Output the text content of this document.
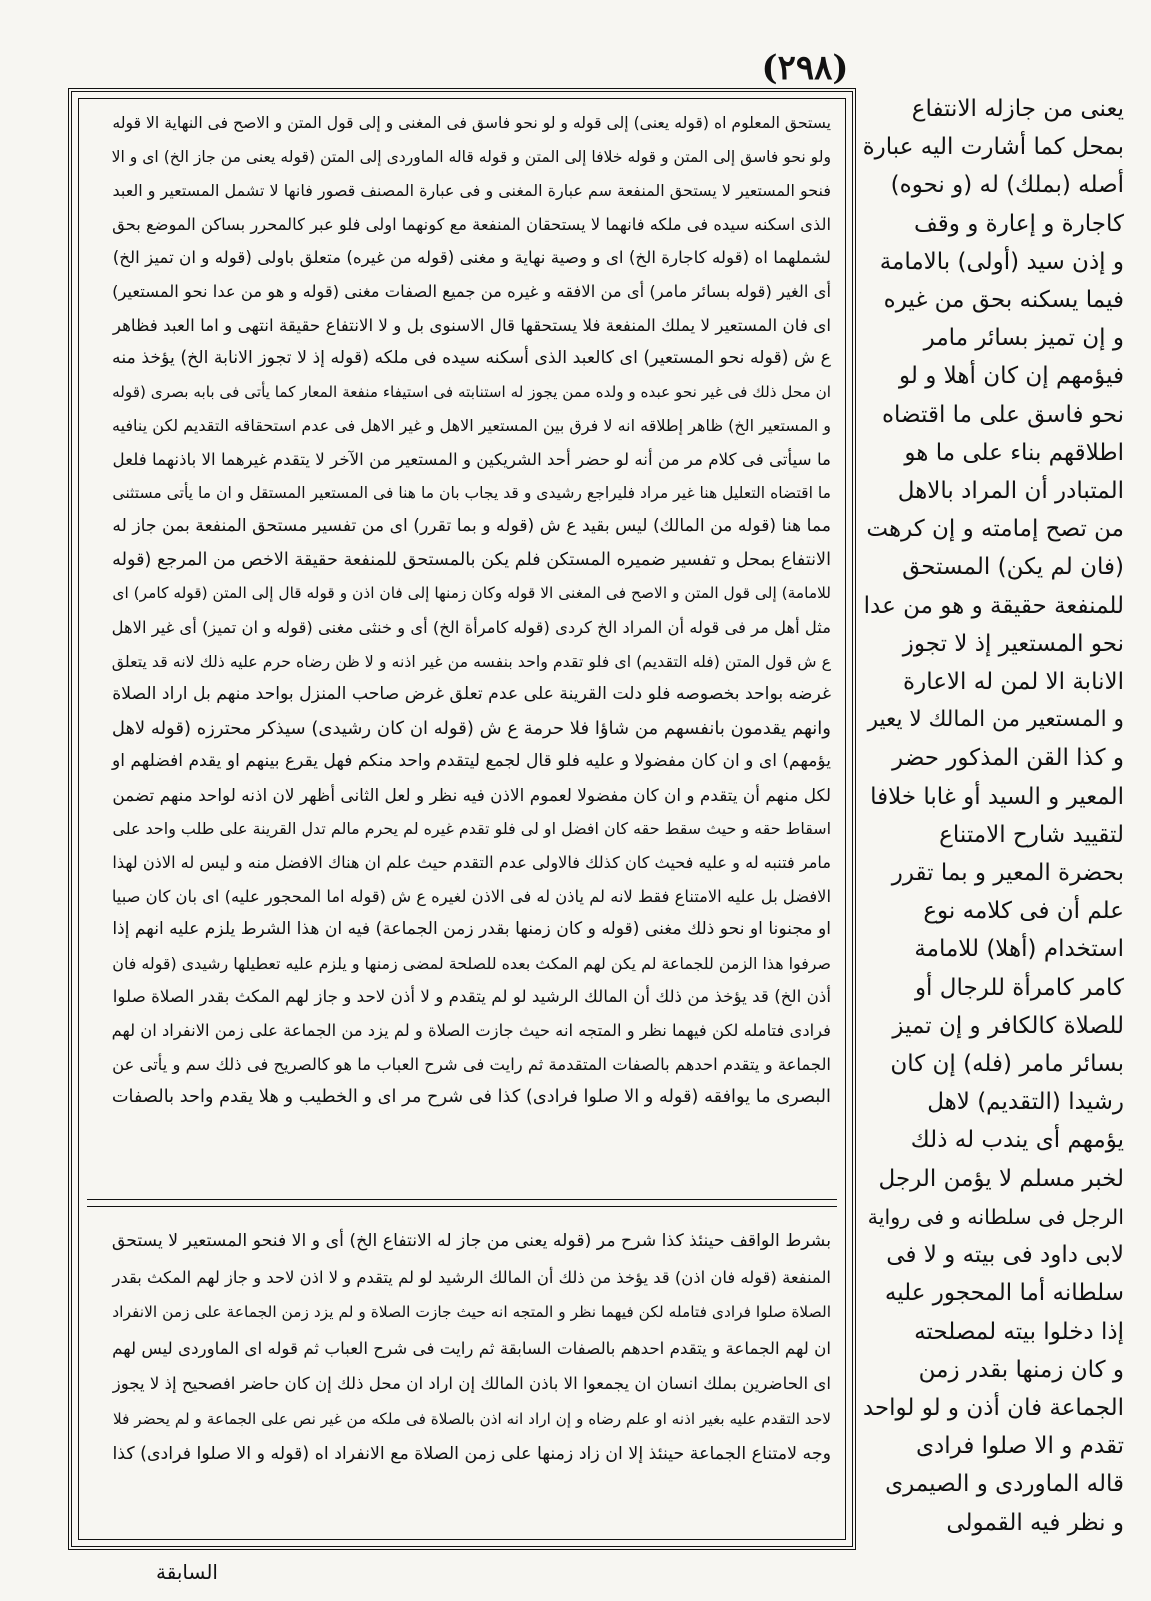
(٢٩٨)
يستحق المعلوم اه (قوله يعنى) إلى قوله و لو نحو فاسق فى المغنى و إلى قول المتن و الاصح فى النهاية الا قوله
ولو نحو فاسق إلى المتن و قوله خلافا إلى المتن و قوله قاله الماوردى إلى المتن (قوله يعنى من جاز الخ) اى و الا
فنحو المستعير لا يستحق المنفعة سم عبارة المغنى و فى عبارة المصنف قصور فانها لا تشمل المستعير و العبد
الذى اسكنه سيده فى ملكه فانهما لا يستحقان المنفعة مع كونهما اولى فلو عبر كالمحرر بساكن الموضع بحق
لشملهما اه (قوله كاجارة الخ) اى و وصية نهاية و مغنى (قوله من غيره) متعلق باولى (قوله و ان تميز الخ)
أى الغير (قوله بسائر مامر) أى من الافقه و غيره من جميع الصفات مغنى (قوله و هو من عدا نحو المستعير)
اى فان المستعير لا يملك المنفعة فلا يستحقها قال الاسنوى بل و لا الانتفاع حقيقة انتهى و اما العبد فظاهر
ع ش (قوله نحو المستعير) اى كالعبد الذى أسكنه سيده فى ملكه (قوله إذ لا تجوز الانابة الخ) يؤخذ منه
ان محل ذلك فى غير نحو عبده و ولده ممن يجوز له استنابته فى استيفاء منفعة المعار كما يأتى فى بابه بصرى (قوله
و المستعير الخ) ظاهر إطلاقه انه لا فرق بين المستعير الاهل و غير الاهل فى عدم استحقاقه التقديم لكن ينافيه
ما سيأتى فى كلام مر من أنه لو حضر أحد الشريكين و المستعير من الآخر لا يتقدم غيرهما الا باذنهما فلعل
ما اقتضاه التعليل هنا غير مراد فليراجع رشيدى و قد يجاب بان ما هنا فى المستعير المستقل و ان ما يأتى مستثنى
مما هنا (قوله من المالك) ليس بقيد ع ش (قوله و بما تقرر) اى من تفسير مستحق المنفعة بمن جاز له
الانتفاع بمحل و تفسير ضميره المستكن فلم يكن بالمستحق للمنفعة حقيقة الاخص من المرجع (قوله
للامامة) إلى قول المتن و الاصح فى المغنى الا قوله وكان زمنها إلى فان اذن و قوله قال إلى المتن (قوله كامر) اى
مثل أهل مر فى قوله أن المراد الخ كردى (قوله كامرأة الخ) أى و خنثى مغنى (قوله و ان تميز) أى غير الاهل
ع ش قول المتن (فله التقديم) اى فلو تقدم واحد بنفسه من غير اذنه و لا ظن رضاه حرم عليه ذلك لانه قد يتعلق
غرضه بواحد بخصوصه فلو دلت القرينة على عدم تعلق غرض صاحب المنزل بواحد منهم بل اراد الصلاة
وانهم يقدمون بانفسهم من شاؤا فلا حرمة ع ش (قوله ان كان رشيدى) سيذكر محترزه (قوله لاهل
يؤمهم) اى و ان كان مفضولا و عليه فلو قال لجمع ليتقدم واحد منكم فهل يقرع بينهم او يقدم افضلهم او
لكل منهم أن يتقدم و ان كان مفضولا لعموم الاذن فيه نظر و لعل الثانى أظهر لان اذنه لواحد منهم تضمن
اسقاط حقه و حيث سقط حقه كان افضل او لى فلو تقدم غيره لم يحرم مالم تدل القرينة على طلب واحد على
مامر فتنبه له و عليه فحيث كان كذلك فالاولى عدم التقدم حيث علم ان هناك الافضل منه و ليس له الاذن لهذا
الافضل بل عليه الامتناع فقط لانه لم ياذن له فى الاذن لغيره ع ش (قوله اما المحجور عليه) اى بان كان صبيا
او مجنونا او نحو ذلك مغنى (قوله و كان زمنها بقدر زمن الجماعة) فيه ان هذا الشرط يلزم عليه انهم إذا
صرفوا هذا الزمن للجماعة لم يكن لهم المكث بعده للصلحة لمضى زمنها و يلزم عليه تعطيلها رشيدى (قوله فان
أذن الخ) قد يؤخذ من ذلك أن المالك الرشيد لو لم يتقدم و لا أذن لاحد و جاز لهم المكث بقدر الصلاة صلوا
فرادى فتامله لكن فيهما نظر و المتجه انه حيث جازت الصلاة و لم يزد من الجماعة على زمن الانفراد ان لهم
الجماعة و يتقدم احدهم بالصفات المتقدمة ثم رايت فى شرح العباب ما هو كالصريح فى ذلك سم و يأتى عن
البصرى ما يوافقه (قوله و الا صلوا فرادى) كذا فى شرح مر اى و الخطيب و هلا يقدم واحد بالصفات
بشرط الواقف حينئذ كذا شرح مر (قوله يعنى من جاز له الانتفاع الخ) أى و الا فنحو المستعير لا يستحق
المنفعة (قوله فان اذن) قد يؤخذ من ذلك أن المالك الرشيد لو لم يتقدم و لا اذن لاحد و جاز لهم المكث بقدر
الصلاة صلوا فرادى فتامله لكن فيهما نظر و المتجه انه حيث جازت الصلاة و لم يزد زمن الجماعة على زمن الانفراد
ان لهم الجماعة و يتقدم احدهم بالصفات السابقة ثم رايت فى شرح العباب ثم قوله اى الماوردى ليس لهم
اى الحاضرين بملك انسان ان يجمعوا الا باذن المالك إن اراد ان محل ذلك إن كان حاضر افصحيح إذ لا يجوز
لاحد التقدم عليه بغير اذنه او علم رضاه و إن اراد انه اذن بالصلاة فى ملكه من غير نص على الجماعة و لم يحضر فلا
وجه لامتناع الجماعة حينئذ إلا ان زاد زمنها على زمن الصلاة مع الانفراد اه (قوله و الا صلوا فرادى) كذا
يعنى من جازله الانتفاع
بمحل كما أشارت اليه عبارة
أصله (بملك) له (و نحوه)
كاجارة و إعارة و وقف
و إذن سيد (أولى) بالامامة
فيما يسكنه بحق من غيره
و إن تميز بسائر مامر
فيؤمهم إن كان أهلا و لو
نحو فاسق على ما اقتضاه
اطلاقهم بناء على ما هو
المتبادر أن المراد بالاهل
من تصح إمامته و إن كرهت
(فان لم يكن) المستحق
للمنفعة حقيقة و هو من عدا
نحو المستعير إذ لا تجوز
الانابة الا لمن له الاعارة
و المستعير من المالك لا يعير
و كذا القن المذكور حضر
المعير و السيد أو غابا خلافا
لتقييد شارح الامتناع
بحضرة المعير و بما تقرر
علم أن فى كلامه نوع
استخدام (أهلا) للامامة
كامر كامرأة للرجال أو
للصلاة كالكافر و إن تميز
بسائر مامر (فله) إن كان
رشيدا (التقديم) لاهل
يؤمهم أى يندب له ذلك
لخبر مسلم لا يؤمن الرجل
الرجل فى سلطانه و فى رواية
لابى داود فى بيته و لا فى
سلطانه أما المحجور عليه
إذا دخلوا بيته لمصلحته
و كان زمنها بقدر زمن
الجماعة فان أذن و لو لواحد
تقدم و الا صلوا فرادى
قاله الماوردى و الصيمرى
و نظر فيه القمولى
السابقة
